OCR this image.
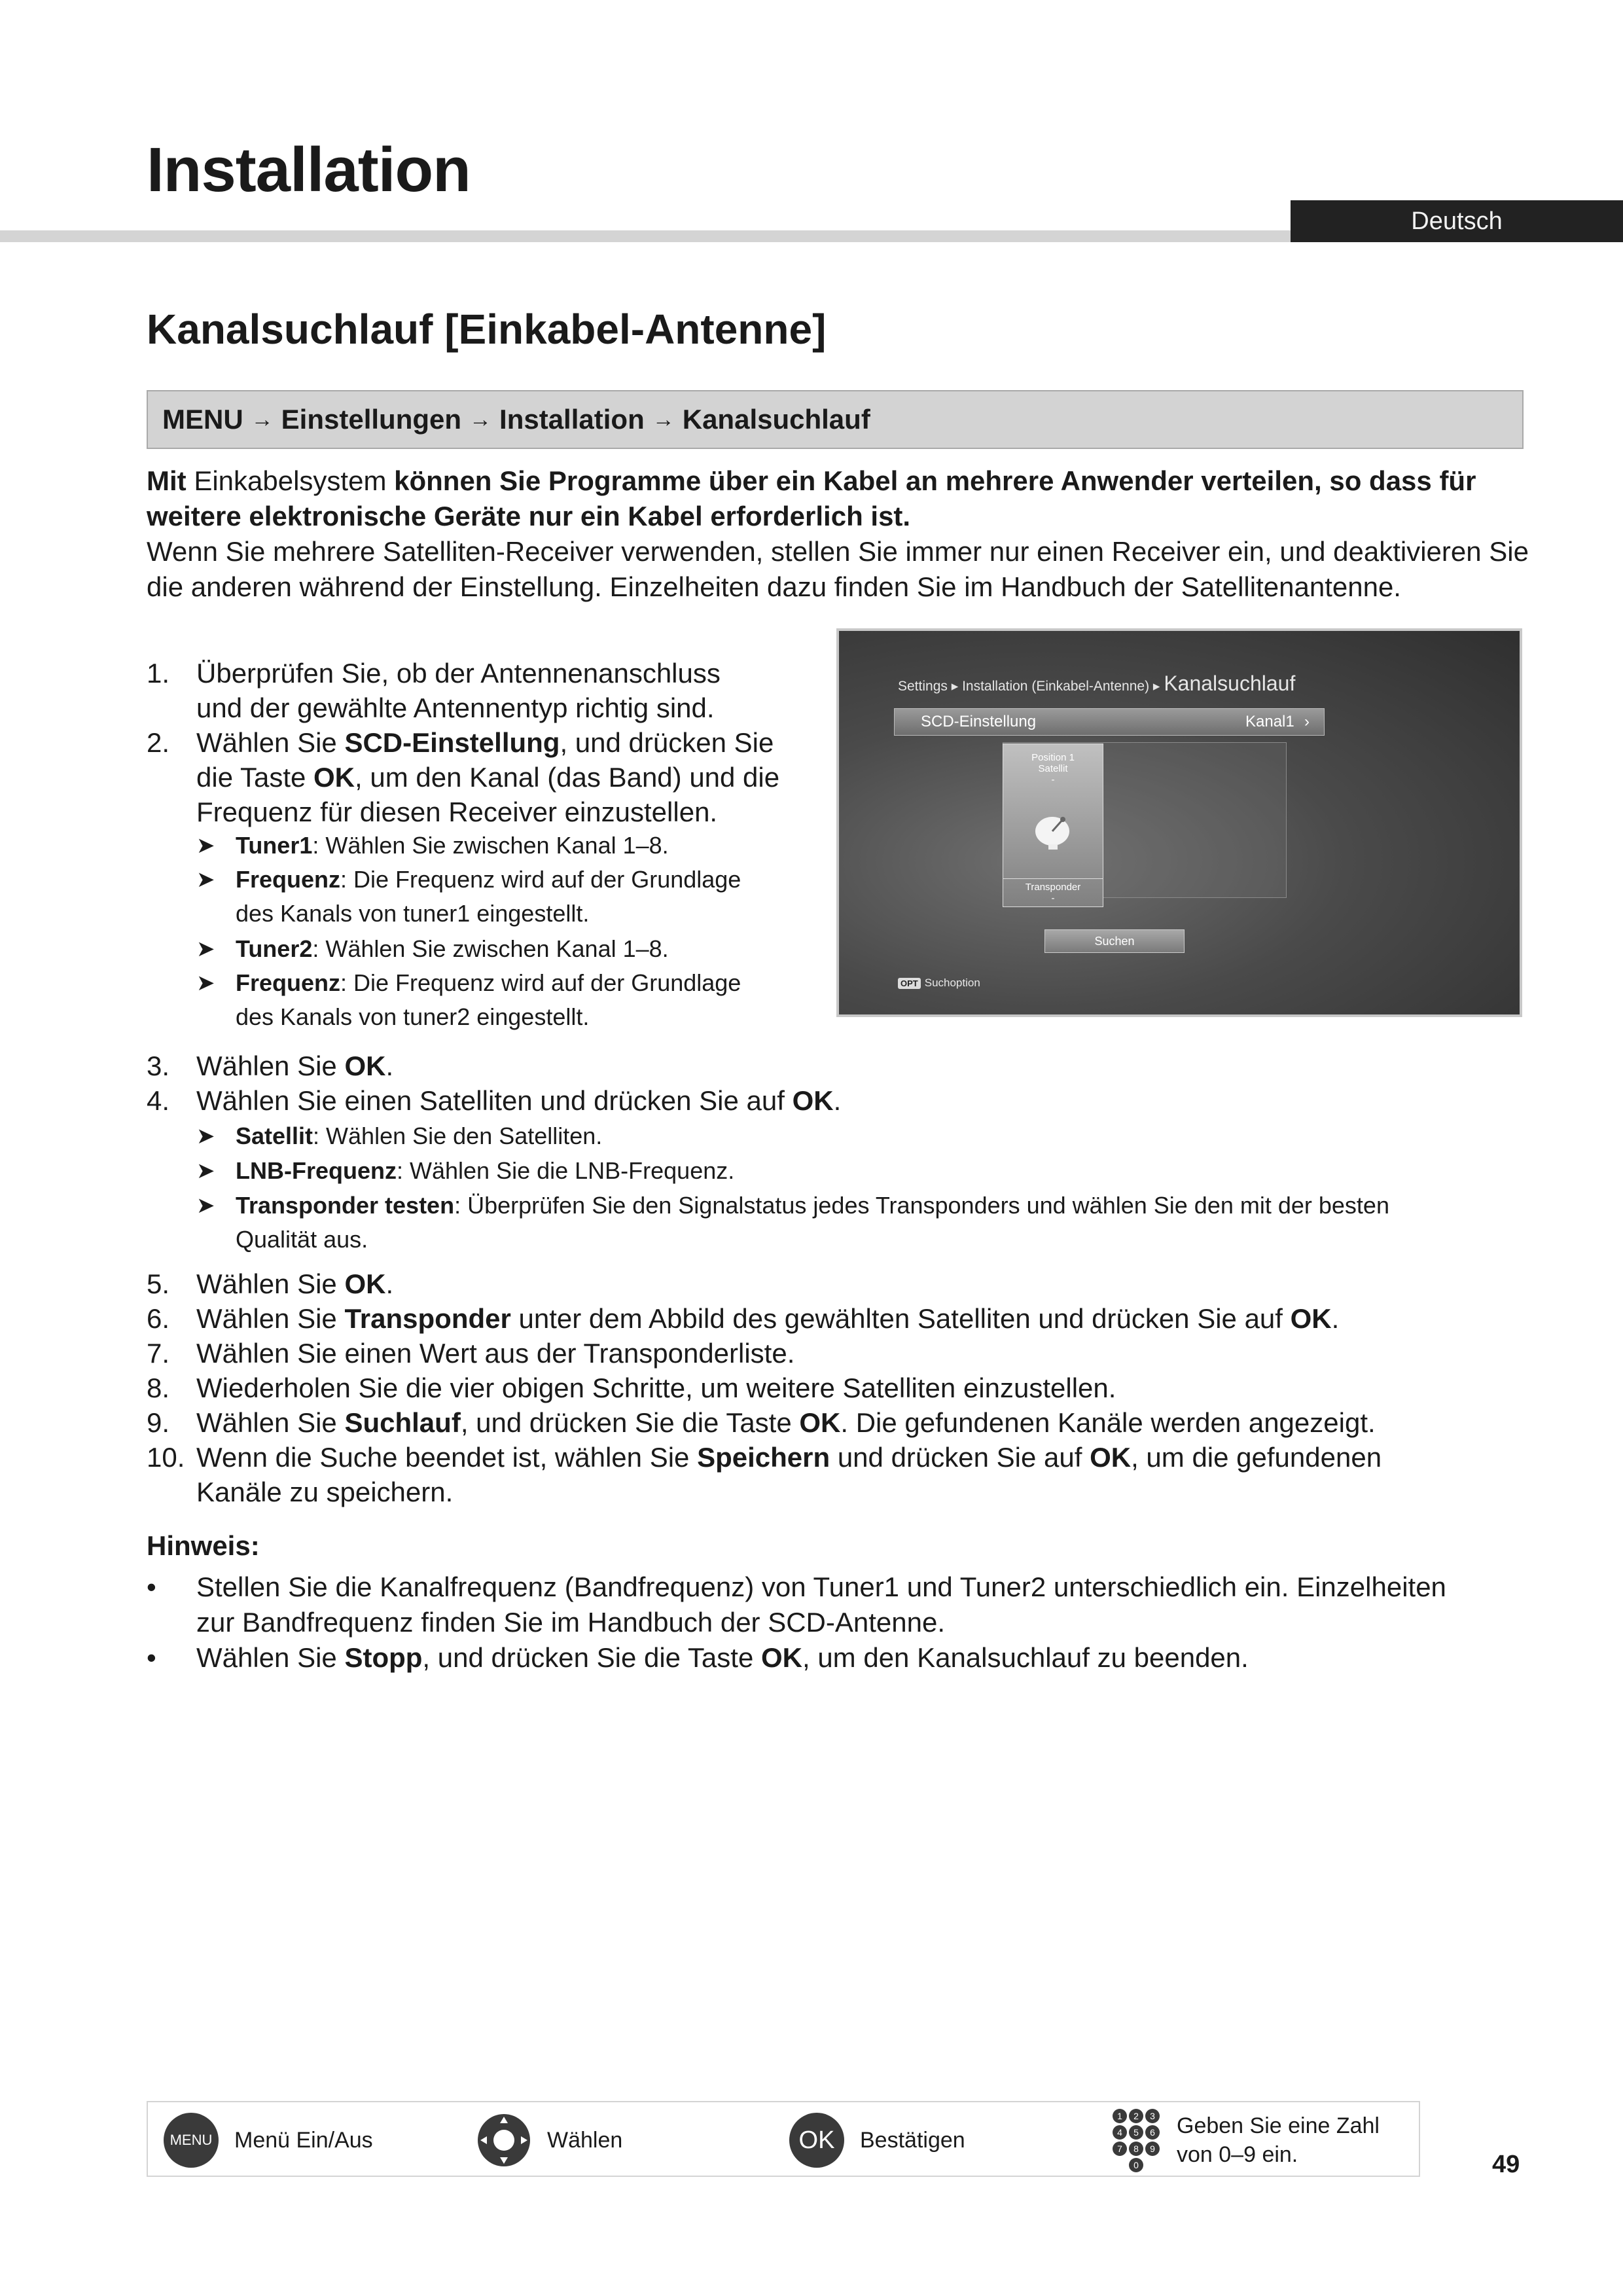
Installation
Deutsch
Kanalsuchlauf [Einkabel-Antenne]
MENU → Einstellungen → Installation → Kanalsuchlauf
Mit Einkabelsystem können Sie Programme über ein Kabel an mehrere Anwender verteilen, so dass für weitere elektronische Geräte nur ein Kabel erforderlich ist.
Wenn Sie mehrere Satelliten-Receiver verwenden, stellen Sie immer nur einen Receiver ein, und deaktivieren Sie die anderen während der Einstellung. Einzelheiten dazu finden Sie im Handbuch der Satellitenantenne.
1. Überprüfen Sie, ob der Antennenanschluss
und der gewählte Antennentyp richtig sind.
2. Wählen Sie SCD-Einstellung, und drücken Sie
die Taste OK, um den Kanal (das Band) und die
Frequenz für diesen Receiver einzustellen.
➤ Tuner1: Wählen Sie zwischen Kanal 1–8.
➤ Frequenz: Die Frequenz wird auf der Grundlage
des Kanals von tuner1 eingestellt.
➤ Tuner2: Wählen Sie zwischen Kanal 1–8.
➤ Frequenz: Die Frequenz wird auf der Grundlage
des Kanals von tuner2 eingestellt.
Settings ▸ Installation (Einkabel-Antenne) ▸ Kanalsuchlauf
SCD-Einstellung	Kanal1 ›
Position 1
Satellit
-
Transponder
-
Suchen
OPT Suchoption
3. Wählen Sie OK.
4. Wählen Sie einen Satelliten und drücken Sie auf OK.
➤ Satellit: Wählen Sie den Satelliten.
➤ LNB-Frequenz: Wählen Sie die LNB-Frequenz.
➤ Transponder testen: Überprüfen Sie den Signalstatus jedes Transponders und wählen Sie den mit der besten
Qualität aus.
5. Wählen Sie OK.
6. Wählen Sie Transponder unter dem Abbild des gewählten Satelliten und drücken Sie auf OK.
7. Wählen Sie einen Wert aus der Transponderliste.
8. Wiederholen Sie die vier obigen Schritte, um weitere Satelliten einzustellen.
9. Wählen Sie Suchlauf, und drücken Sie die Taste OK. Die gefundenen Kanäle werden angezeigt.
10. Wenn die Suche beendet ist, wählen Sie Speichern und drücken Sie auf OK, um die gefundenen
Kanäle zu speichern.
Hinweis:
• Stellen Sie die Kanalfrequenz (Bandfrequenz) von Tuner1 und Tuner2 unterschiedlich ein. Einzelheiten
zur Bandfrequenz finden Sie im Handbuch der SCD-Antenne.
• Wählen Sie Stopp, und drücken Sie die Taste OK, um den Kanalsuchlauf zu beenden.
MENU Menü Ein/Aus	Wählen	OK Bestätigen
1	2	3
4	5	6
7	8	9
0
Geben Sie eine Zahl
von 0–9 ein.	49
